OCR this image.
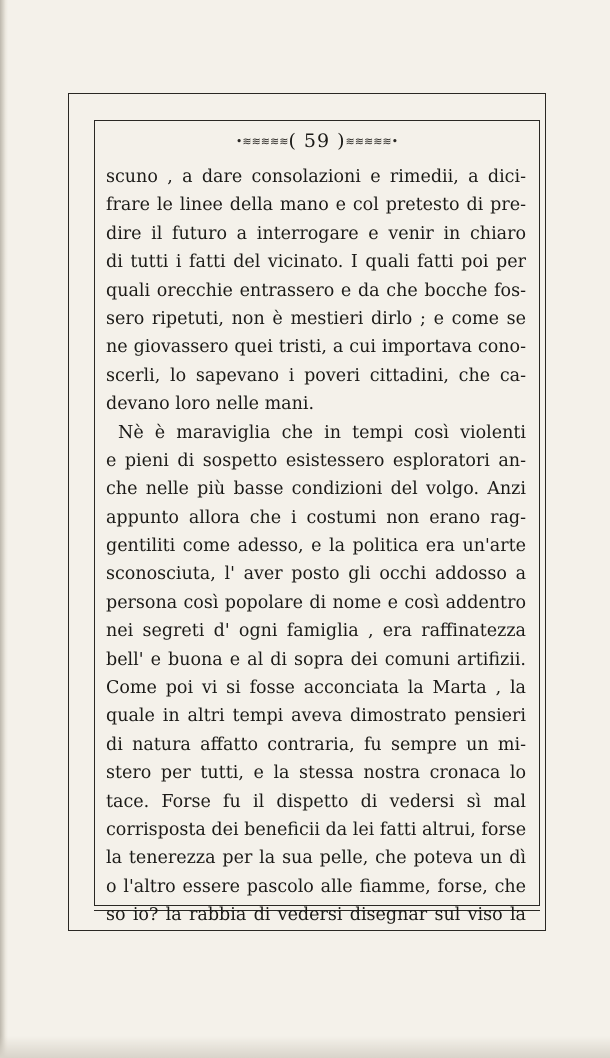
•≋≋≋≋≋( 59 )≋≋≋≋≋•
scuno , a dare consolazioni e rimedii, a dici-
frare le linee della mano e col pretesto di pre-
dire il futuro a interrogare e venir in chiaro
di tutti i fatti del vicinato. I quali fatti poi per
quali orecchie entrassero e da che bocche fos-
sero ripetuti, non è mestieri dirlo ; e come se
ne giovassero quei tristi, a cui importava cono-
scerli, lo sapevano i poveri cittadini, che ca-
devano loro nelle mani.
Nè è maraviglia che in tempi così violenti
e pieni di sospetto esistessero esploratori an-
che nelle più basse condizioni del volgo. Anzi
appunto allora che i costumi non erano rag-
gentiliti come adesso, e la politica era un'arte
sconosciuta, l' aver posto gli occhi addosso a
persona così popolare di nome e così addentro
nei segreti d' ogni famiglia , era raffinatezza
bell' e buona e al di sopra dei comuni artifizii.
Come poi vi si fosse acconciata la Marta , la
quale in altri tempi aveva dimostrato pensieri
di natura affatto contraria, fu sempre un mi-
stero per tutti, e la stessa nostra cronaca lo
tace. Forse fu il dispetto di vedersi sì mal
corrisposta dei beneficii da lei fatti altrui, forse
la tenerezza per la sua pelle, che poteva un dì
o l'altro essere pascolo alle fiamme, forse, che
so io? la rabbia di vedersi disegnar sul viso la
